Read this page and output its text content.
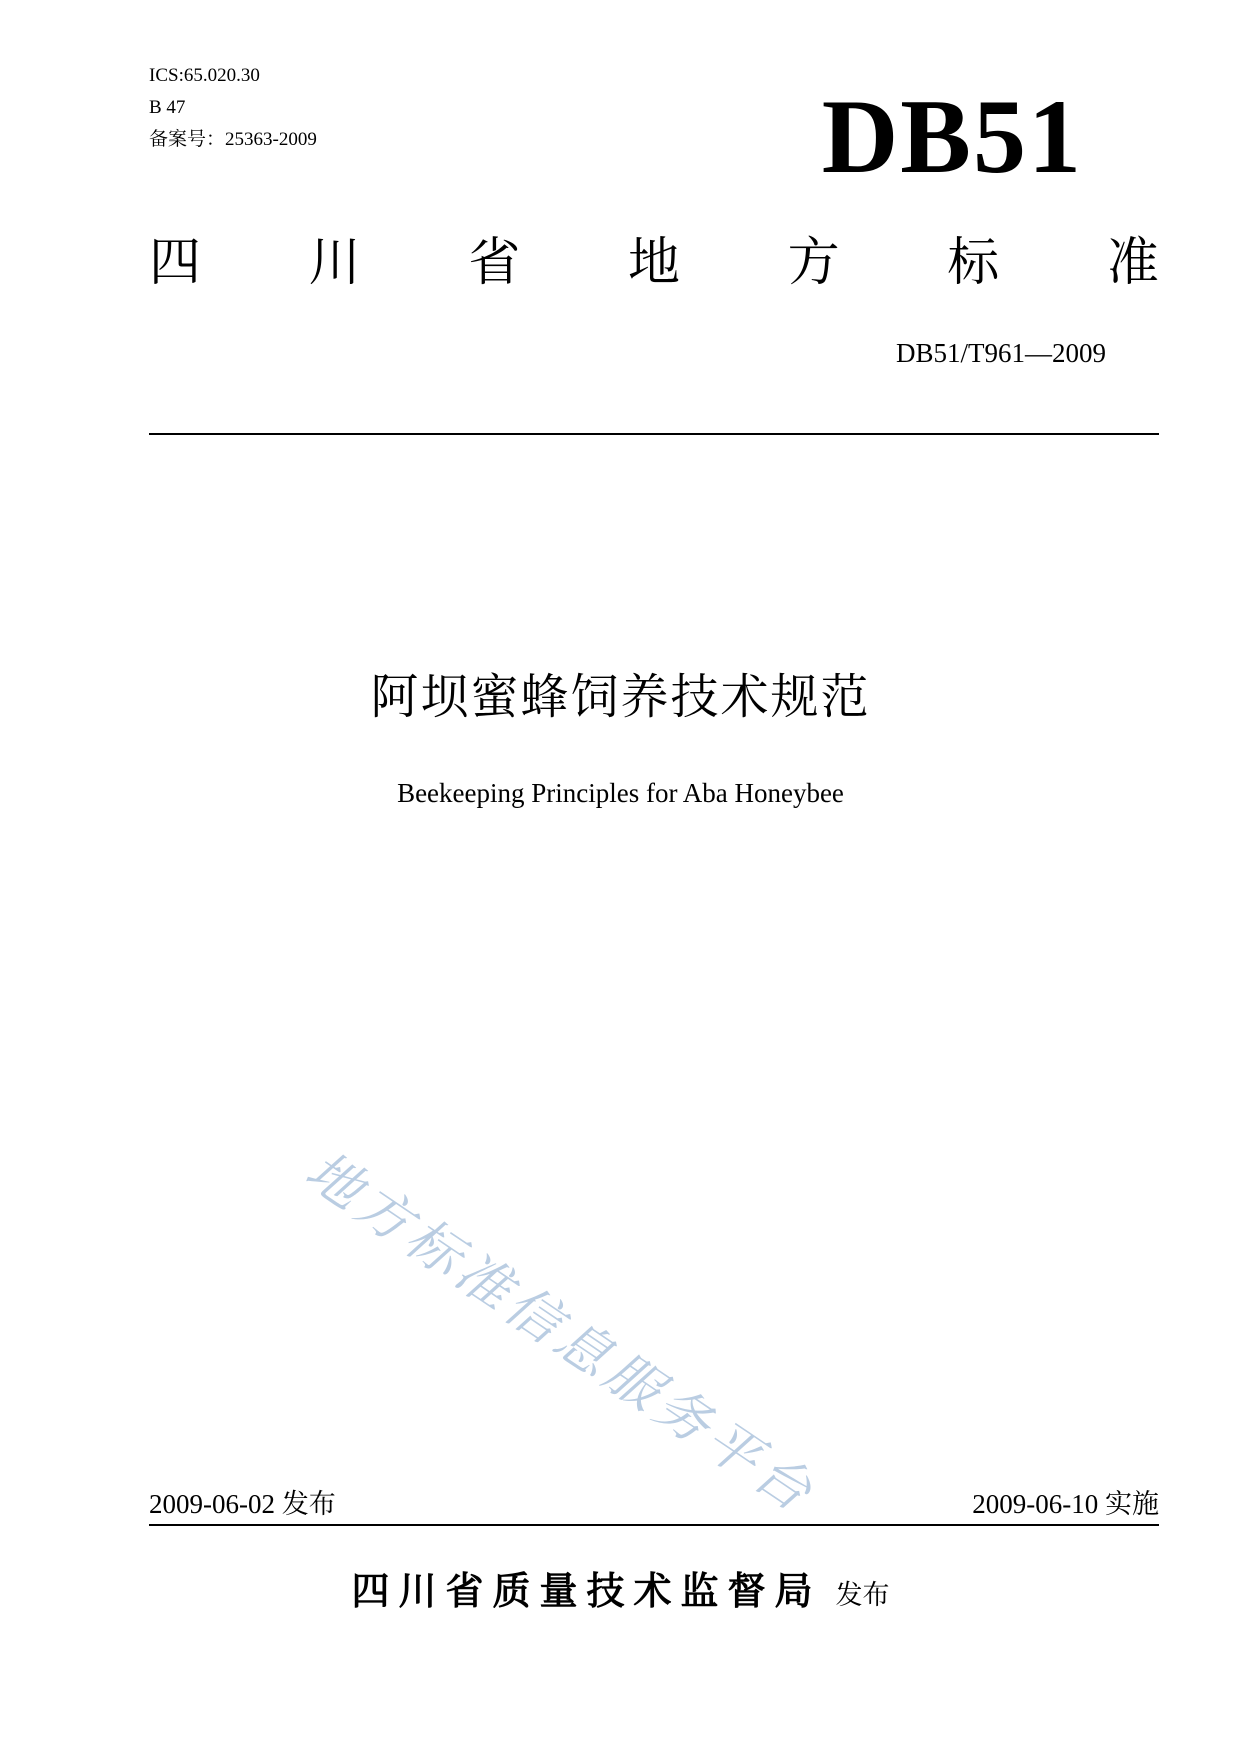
ICS:65.020.30
B 47
备案号：25363-2009	DB51
四 川 省 地 方 标 准
DB51/T961—2009
阿坝蜜蜂饲养技术规范
Beekeeping Principles for Aba Honeybee
地方标准信息服务平台
2009-06-02 发布	2009-06-10 实施
四川省质量技术监督局 发布
